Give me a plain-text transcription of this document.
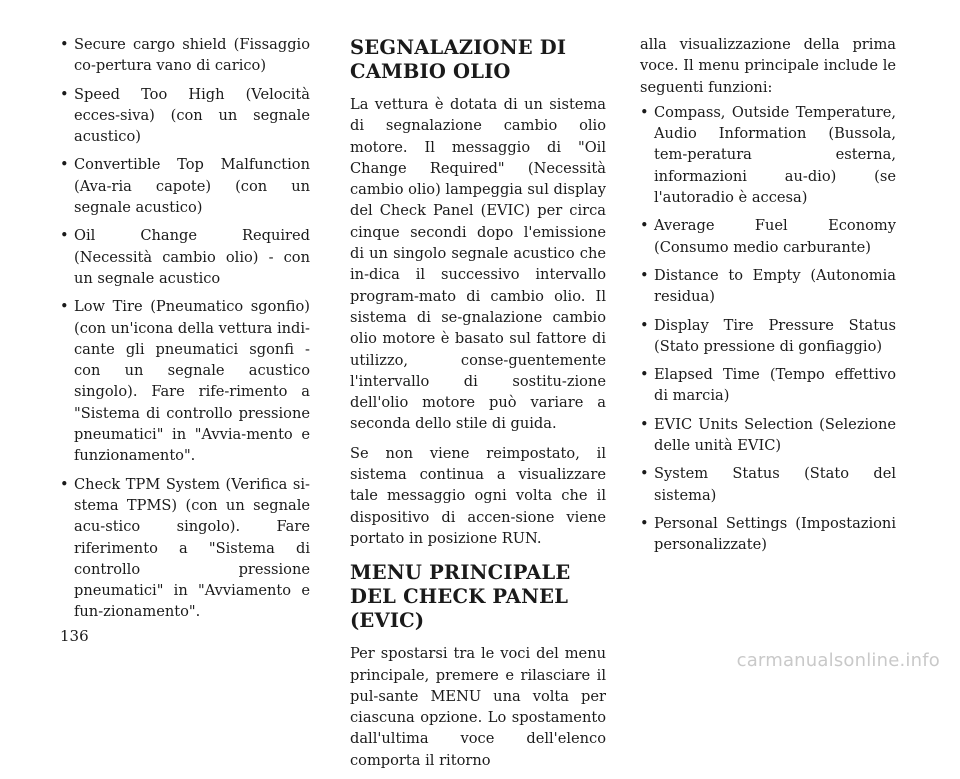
• Secure cargo shield (Fissaggio co-pertura vano di carico)
• Speed Too High (Velocità ecces-siva) (con un segnale acustico)
• Convertible Top Malfunction (Ava-ria capote) (con un segnale acustico)
• Oil Change Required (Necessità cambio olio) - con un segnale acustico
• Low Tire (Pneumatico sgonfio) (con un'icona della vettura indi-cante gli pneumatici sgonfi - con un segnale acustico singolo). Fare rife-rimento a "Sistema di controllo pressione pneumatici" in "Avvia-mento e funzionamento".
• Check TPM System (Verifica si-stema TPMS) (con un segnale acu-stico singolo). Fare riferimento a "Sistema di controllo pressione pneumatici" in "Avviamento e fun-zionamento".
SEGNALAZIONE DI CAMBIO OLIO

La vettura è dotata di un sistema di segnalazione cambio olio motore. Il messaggio di "Oil Change Required" (Necessità cambio olio) lampeggia sul display del Check Panel (EVIC) per circa cinque secondi dopo l'emissione di un singolo segnale acustico che in-dica il successivo intervallo program-mato di cambio olio. Il sistema di se-gnalazione cambio olio motore è basato sul fattore di utilizzo, conse-guentemente l'intervallo di sostitu-zione dell'olio motore può variare a seconda dello stile di guida.

Se non viene reimpostato, il sistema continua a visualizzare tale messaggio ogni volta che il dispositivo di accen-sione viene portato in posizione RUN.

MENU PRINCIPALE DEL CHECK PANEL (EVIC)

Per spostarsi tra le voci del menu principale, premere e rilasciare il pul-sante MENU una volta per ciascuna opzione. Lo spostamento dall'ultima voce dell'elenco comporta il ritorno

alla visualizzazione della prima voce. Il menu principale include le seguenti funzioni:

• Compass, Outside Temperature, Audio Information (Bussola, tem-peratura esterna, informazioni au-dio) (se l'autoradio è accesa)
• Average Fuel Economy (Consumo medio carburante)
• Distance to Empty (Autonomia residua)
• Display Tire Pressure Status (Stato pressione di gonfiaggio)
• Elapsed Time (Tempo effettivo di marcia)
• EVIC Units Selection (Selezione delle unità EVIC)
• System Status (Stato del sistema)
• Personal Settings (Impostazioni personalizzate)
136
carmanualsonline.info
